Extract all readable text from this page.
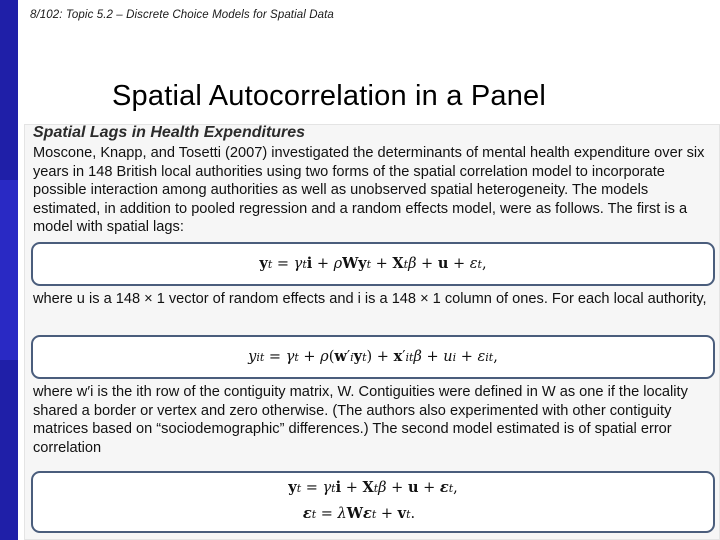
8/102: Topic 5.2 – Discrete Choice Models for Spatial Data
Spatial Autocorrelation in a Panel
Spatial Lags in Health Expenditures
Moscone, Knapp, and Tosetti (2007) investigated the determinants of mental health expenditure over six years in 148 British local authorities using two forms of the spatial correlation model to incorporate possible interaction among authorities as well as unobserved spatial heterogeneity. The models estimated, in addition to pooled regression and a random effects model, were as follows. The first is a model with spatial lags:
yt = γti + ρWyt + Xtβ + u + εt,
where u is a 148 × 1 vector of random effects and i is a 148 × 1 column of ones. For each local authority,
yit = γt + ρ(w′iyt) + x′itβ + ui + εit,
where w′i is the ith row of the contiguity matrix, W. Contiguities were defined in W as one if the locality shared a border or vertex and zero otherwise. (The authors also experimented with other contiguity matrices based on “sociodemographic” differences.) The second model estimated is of spatial error correlation
yt = γti + Xtβ + u + εt,
εt = λWεt + vt.
